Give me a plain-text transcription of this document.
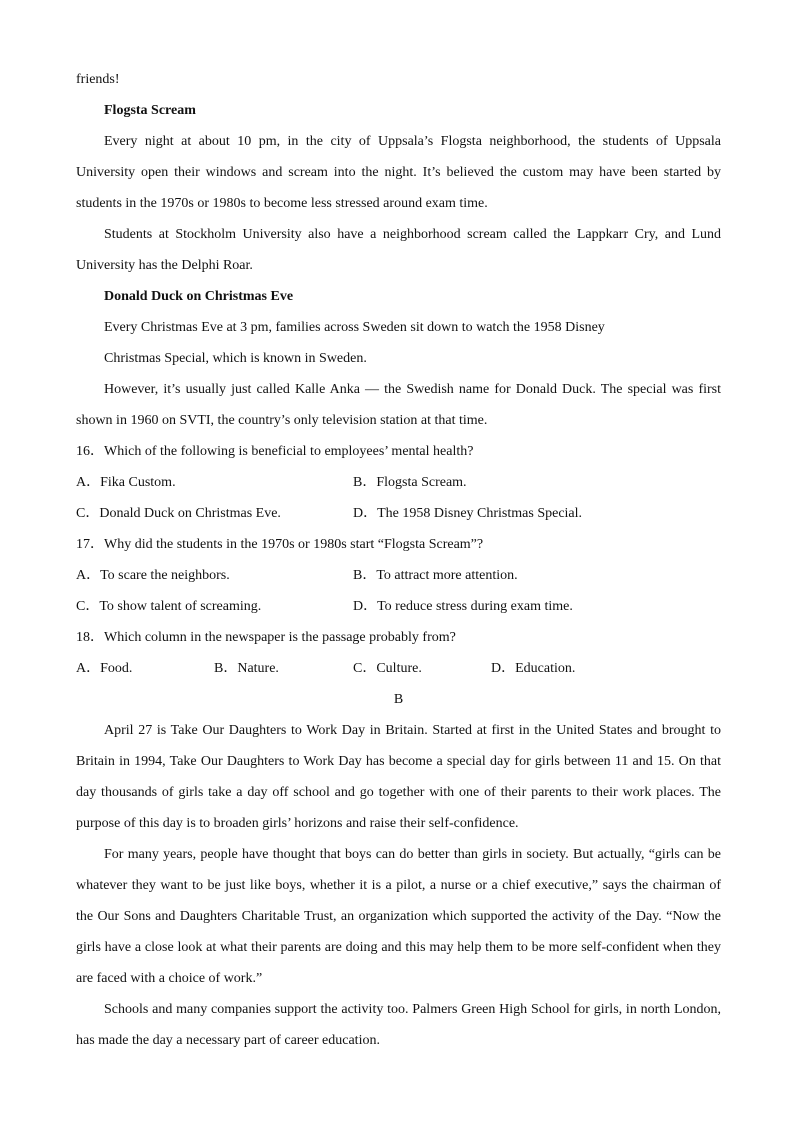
friends!
Flogsta Scream
Every night at about 10 pm, in the city of Uppsala’s Flogsta neighborhood, the students of Uppsala
University open their windows and scream into the night. It’s believed the custom may have been started by
students in the 1970s or 1980s to become less stressed around exam time.
Students at Stockholm University also have a neighborhood scream called the Lappkarr Cry, and Lund
University has the Delphi Roar.
Donald Duck on Christmas Eve
Every Christmas Eve at 3 pm, families across Sweden sit down to watch the 1958 Disney
Christmas Special, which is known in Sweden.
However, it’s usually just called Kalle Anka — the Swedish name for Donald Duck. The special was first
shown in 1960 on SVTI, the country’s only television station at that time.
16．Which of the following is beneficial to employees’ mental health?
A．Fika Custom.	B．Flogsta Scream.
C．Donald Duck on Christmas Eve.	D．The 1958 Disney Christmas Special.
17．Why did the students in the 1970s or 1980s start “Flogsta Scream”?
A．To scare the neighbors.	B．To attract more attention.
C．To show talent of screaming.	D．To reduce stress during exam time.
18．Which column in the newspaper is the passage probably from?
A．Food.	B．Nature.	C．Culture.	D．Education.
B
April 27 is Take Our Daughters to Work Day in Britain. Started at first in the United States and brought to
Britain in 1994, Take Our Daughters to Work Day has become a special day for girls between 11 and 15. On that
day thousands of girls take a day off school and go together with one of their parents to their work places. The
purpose of this day is to broaden girls’ horizons and raise their self-confidence.
For many years, people have thought that boys can do better than girls in society. But actually, “girls can be
whatever they want to be just like boys, whether it is a pilot, a nurse or a chief executive,” says the chairman of
the Our Sons and Daughters Charitable Trust, an organization which supported the activity of the Day. “Now the
girls have a close look at what their parents are doing and this may help them to be more self-confident when they
are faced with a choice of work.”
Schools and many companies support the activity too. Palmers Green High School for girls, in north London,
has made the day a necessary part of career education.
